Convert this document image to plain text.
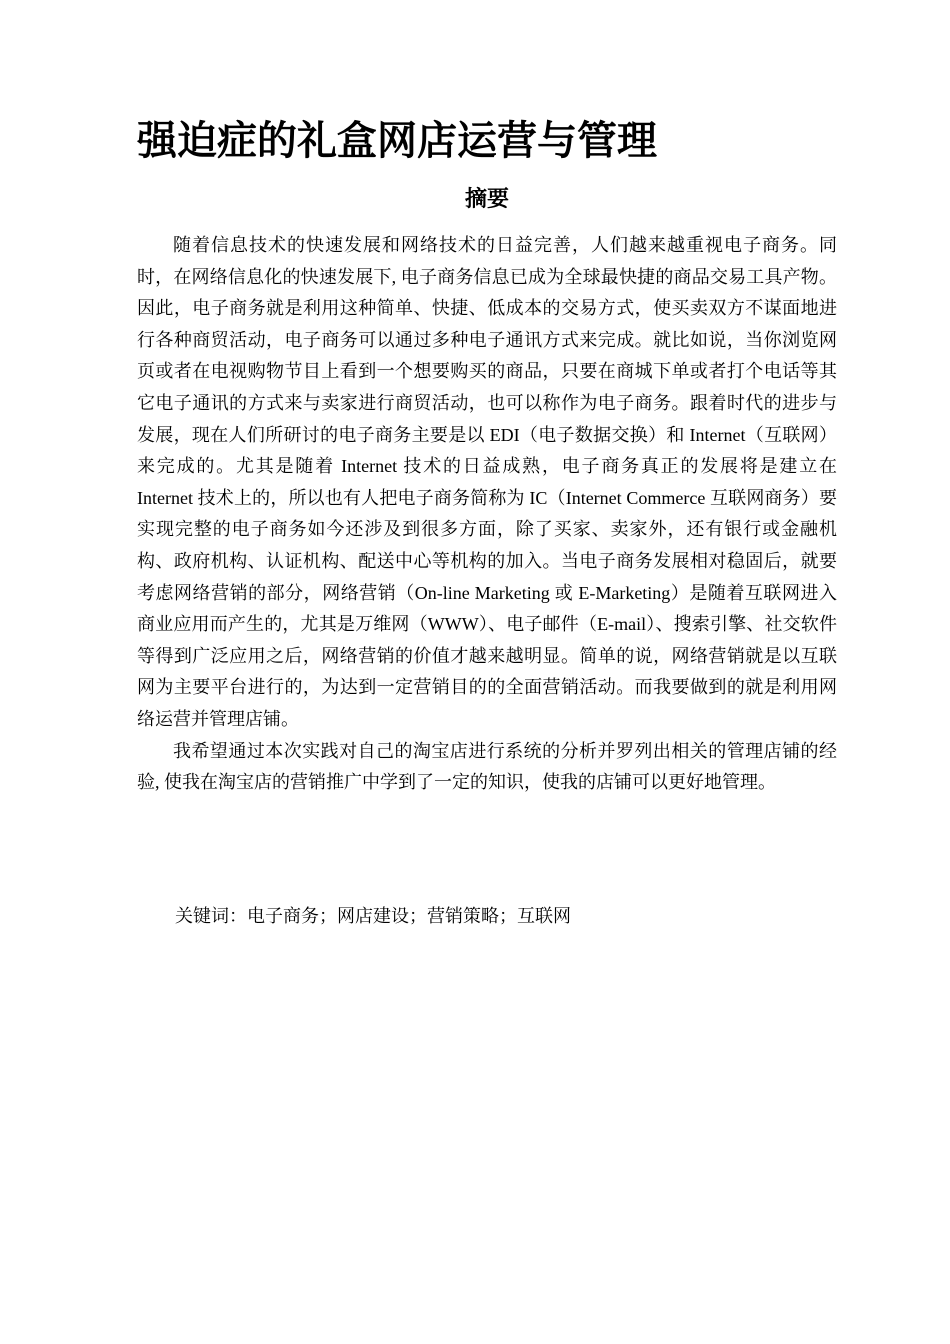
强迫症的礼盒网店运营与管理
摘要

随着信息技术的快速发展和网络技术的日益完善，人们越来越重视电子商务。同时，在网络信息化的快速发展下, 电子商务信息已成为全球最快捷的商品交易工具产物。因此，电子商务就是利用这种简单、快捷、低成本的交易方式，使买卖双方不谋面地进行各种商贸活动，电子商务可以通过多种电子通讯方式来完成。就比如说，当你浏览网页或者在电视购物节目上看到一个想要购买的商品，只要在商城下单或者打个电话等其它电子通讯的方式来与卖家进行商贸活动，也可以称作为电子商务。跟着时代的进步与发展，现在人们所研讨的电子商务主要是以 EDI（电子数据交换）和 Internet（互联网）来完成的。尤其是随着 Internet 技术的日益成熟，电子商务真正的发展将是建立在 Internet 技术上的，所以也有人把电子商务简称为 IC（Internet Commerce 互联网商务）要实现完整的电子商务如今还涉及到很多方面，除了买家、卖家外，还有银行或金融机构、政府机构、认证机构、配送中心等机构的加入。当电子商务发展相对稳固后，就要考虑网络营销的部分，网络营销（On-line Marketing 或 E-Marketing）是随着互联网进入商业应用而产生的，尤其是万维网（WWW）、电子邮件（E-mail）、搜索引擎、社交软件等得到广泛应用之后，网络营销的价值才越来越明显。简单的说，网络营销就是以互联网为主要平台进行的，为达到一定营销目的的全面营销活动。而我要做到的就是利用网络运营并管理店铺。

我希望通过本次实践对自己的淘宝店进行系统的分析并罗列出相关的管理店铺的经验, 使我在淘宝店的营销推广中学到了一定的知识，使我的店铺可以更好地管理。

关键词：电子商务；网店建设；营销策略；互联网
